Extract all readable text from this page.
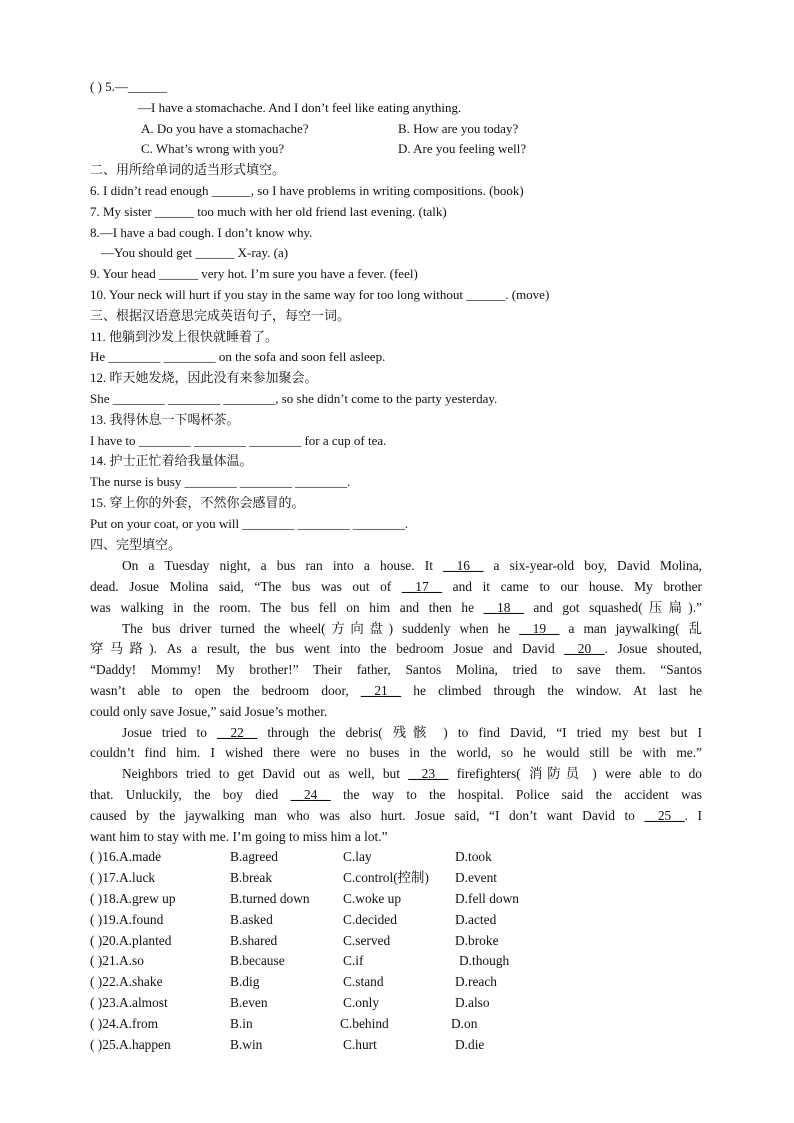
( ) 5.—______
—I have a stomachache. And I don’t feel like eating anything.
A. Do you have a stomachache?	B. How are you today?
C. What’s wrong with you?	D. Are you feeling well?
二、用所给单词的适当形式填空。
6. I didn’t read enough ______, so I have problems in writing compositions. (book)
7. My sister ______ too much with her old friend last evening. (talk)
8.—I have a bad cough. I don’t know why.
—You should get ______ X-ray. (a)
9. Your head ______ very hot. I’m sure you have a fever. (feel)
10. Your neck will hurt if you stay in the same way for too long without ______. (move)
三、根据汉语意思完成英语句子，每空一词。
11. 他躺到沙发上很快就睡着了。
He ________ ________ on the sofa and soon fell asleep.
12. 昨天她发烧，因此没有来参加聚会。
She ________ ________ ________, so she didn’t come to the party yesterday.
13. 我得休息一下喝杯茶。
I have to ________ ________ ________ for a cup of tea.
14. 护士正忙着给我量体温。
The nurse is busy ________ ________ ________.
15. 穿上你的外套，不然你会感冒的。
Put on your coat, or you will ________ ________ ________.
四、完型填空。
On a Tuesday night, a bus ran into a house. It __16__ a six-year-old boy, David Molina,
dead. Josue Molina said, “The bus was out of __17__ and it came to our house. My brother
was walking in the room. The bus fell on him and then he __18__ and got squashed(压扁).”
The bus driver turned the wheel(方向盘) suddenly when he __19__ a man jaywalking( 乱
穿马路). As a result, the bus went into the bedroom Josue and David __20__. Josue shouted,
“Daddy! Mommy! My brother!” Their father, Santos Molina, tried to save them. “Santos
wasn’t able to open the bedroom door, __21__ he climbed through the window. At last he
could only save Josue,” said Josue’s mother.
Josue tried to __22__ through the debris( 残骸 ) to find David, “I tried my best but I
couldn’t find him. I wished there were no buses in the world, so he would still be with me.”
Neighbors tried to get David out as well, but __23__ firefighters( 消防员 ) were able to do
that. Unluckily, the boy died __24__ the way to the hospital. Police said the accident was
caused by the jaywalking man who was also hurt. Josue said, “I don’t want David to __25__. I
want him to stay with me. I’m going to miss him a lot.”
( )16.A.made	B.agreed	C.lay	D.took
( )17.A.luck	B.break	C.control(控制) D.event
( )18.A.grew up	B.turned down C.woke up	D.fell down
( )19.A.found	B.asked	C.decided	D.acted
( )20.A.planted	B.shared	C.served	D.broke
( )21.A.so	B.because	C.if	D.though
( )22.A.shake	B.dig	C.stand	D.reach
( )23.A.almost	B.even	C.only	D.also
( )24.A.from	B.in	C.behind	D.on
( )25.A.happen	B.win	C.hurt	D.die
